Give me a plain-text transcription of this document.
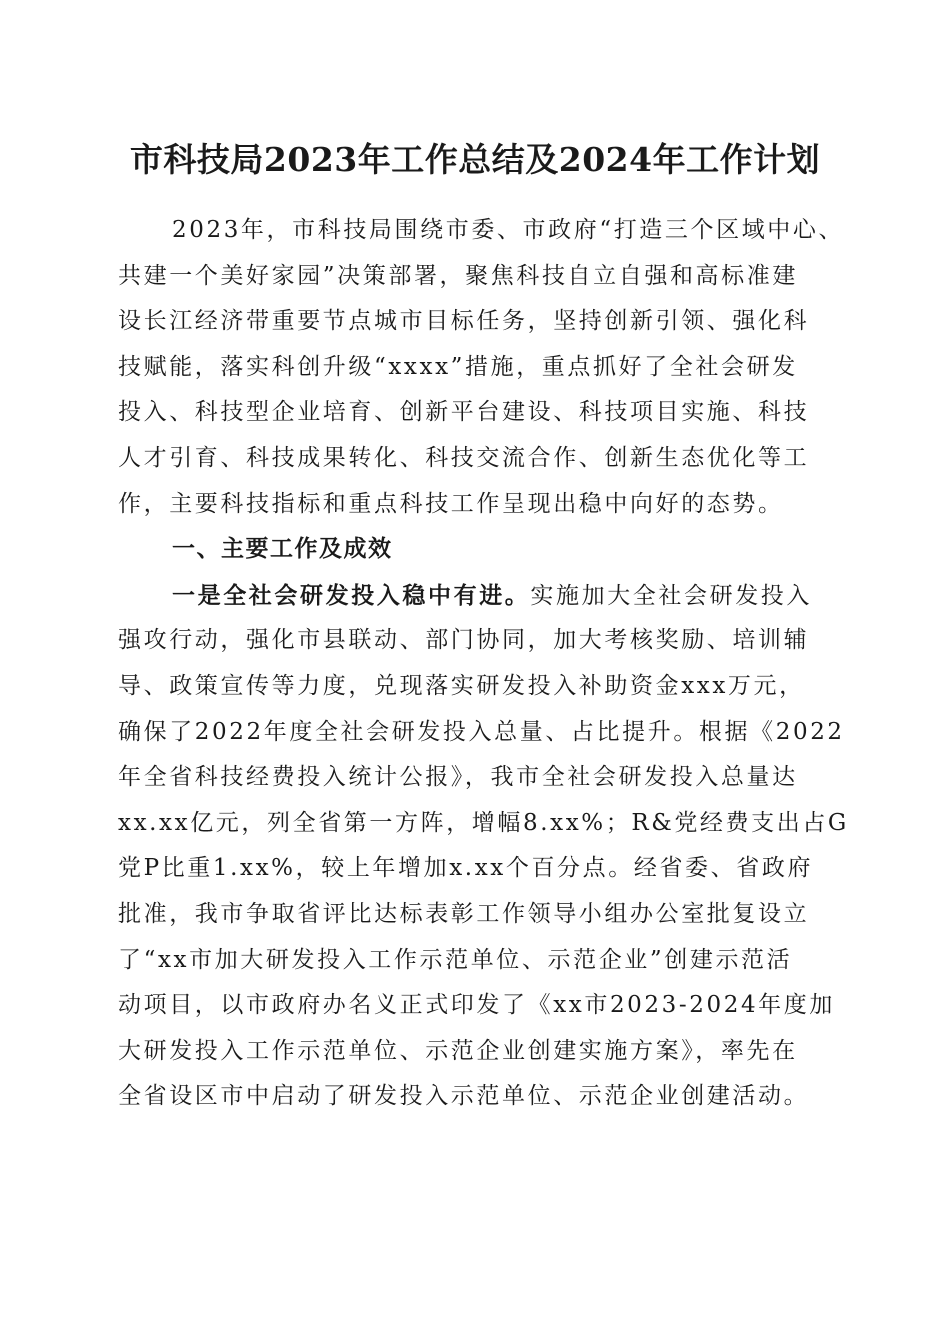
市科技局2023年工作总结及2024年工作计划
2023年，市科技局围绕市委、市政府“打造三个区域中心、
共建一个美好家园”决策部署，聚焦科技自立自强和高标准建
设长江经济带重要节点城市目标任务，坚持创新引领、强化科
技赋能，落实科创升级“xxxx”措施，重点抓好了全社会研发
投入、科技型企业培育、创新平台建设、科技项目实施、科技
人才引育、科技成果转化、科技交流合作、创新生态优化等工
作，主要科技指标和重点科技工作呈现出稳中向好的态势。
一、主要工作及成效
一是全社会研发投入稳中有进。实施加大全社会研发投入
强攻行动，强化市县联动、部门协同，加大考核奖励、培训辅
导、政策宣传等力度，兑现落实研发投入补助资金xxx万元，
确保了2022年度全社会研发投入总量、占比提升。根据《2022
年全省科技经费投入统计公报》，我市全社会研发投入总量达
xx.xx亿元，列全省第一方阵，增幅8.xx%；R&党经费支出占G
党P比重1.xx%，较上年增加x.xx个百分点。经省委、省政府
批准，我市争取省评比达标表彰工作领导小组办公室批复设立
了“xx市加大研发投入工作示范单位、示范企业”创建示范活
动项目，以市政府办名义正式印发了《xx市2023-2024年度加
大研发投入工作示范单位、示范企业创建实施方案》，率先在
全省设区市中启动了研发投入示范单位、示范企业创建活动。
